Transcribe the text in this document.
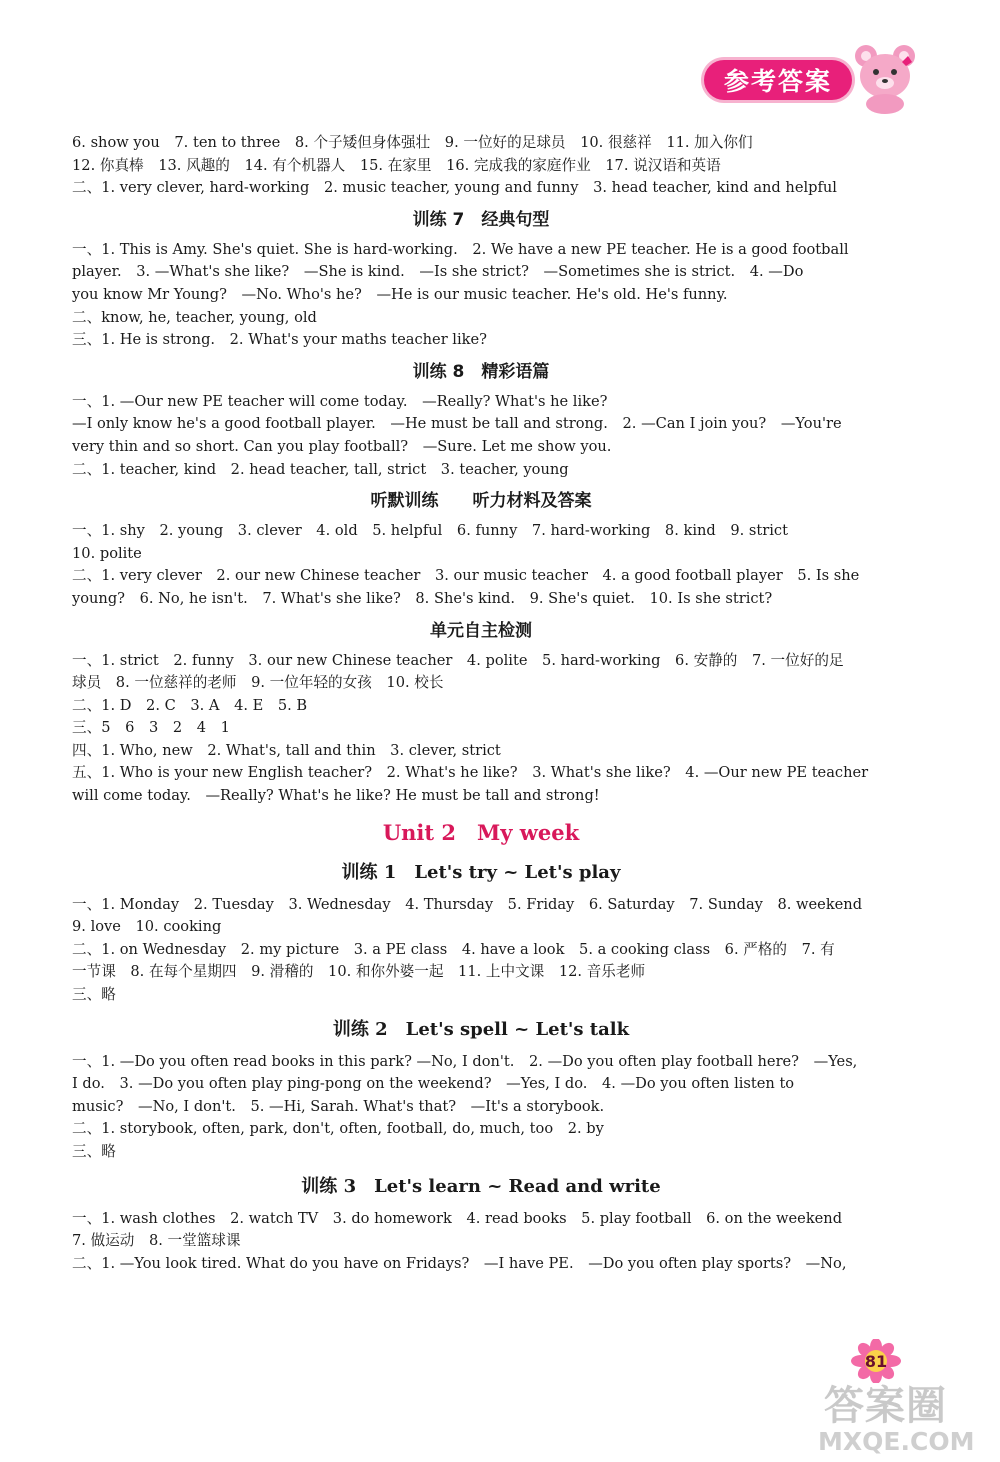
参考答案
6. show you　7. ten to three　8. 个子矮但身体强壮　9. 一位好的足球员　10. 很慈祥　11. 加入你们
12. 你真棒　13. 风趣的　14. 有个机器人　15. 在家里　16. 完成我的家庭作业　17. 说汉语和英语
二、1. very clever, hard-working　2. music teacher, young and funny　3. head teacher, kind and helpful
训练 7　经典句型
一、1. This is Amy. She's quiet. She is hard-working.　2. We have a new PE teacher. He is a good football
player.　3. —What's she like?　—She is kind.　—Is she strict?　—Sometimes she is strict.　4. —Do
you know Mr Young?　—No. Who's he?　—He is our music teacher. He's old. He's funny.
二、know, he, teacher, young, old
三、1. He is strong.　2. What's your maths teacher like?
训练 8　精彩语篇
一、1. —Our new PE teacher will come today.　—Really? What's he like?
—I only know he's a good football player.　—He must be tall and strong.　2. —Can I join you?　—You're
very thin and so short. Can you play football?　—Sure. Let me show you.
二、1. teacher, kind　2. head teacher, tall, strict　3. teacher, young
听默训练　　听力材料及答案
一、1. shy　2. young　3. clever　4. old　5. helpful　6. funny　7. hard-working　8. kind　9. strict
10. polite
二、1. very clever　2. our new Chinese teacher　3. our music teacher　4. a good football player　5. Is she
young?　6. No, he isn't.　7. What's she like?　8. She's kind.　9. She's quiet.　10. Is she strict?
单元自主检测
一、1. strict　2. funny　3. our new Chinese teacher　4. polite　5. hard-working　6. 安静的　7. 一位好的足
球员　8. 一位慈祥的老师　9. 一位年轻的女孩　10. 校长
二、1. D　2. C　3. A　4. E　5. B
三、5　6　3　2　4　1
四、1. Who, new　2. What's, tall and thin　3. clever, strict
五、1. Who is your new English teacher?　2. What's he like?　3. What's she like?　4. —Our new PE teacher
will come today.　—Really? What's he like? He must be tall and strong!
Unit 2　My week
训练 1　Let's try ~ Let's play
一、1. Monday　2. Tuesday　3. Wednesday　4. Thursday　5. Friday　6. Saturday　7. Sunday　8. weekend
9. love　10. cooking
二、1. on Wednesday　2. my picture　3. a PE class　4. have a look　5. a cooking class　6. 严格的　7. 有
一节课　8. 在每个星期四　9. 滑稽的　10. 和你外婆一起　11. 上中文课　12. 音乐老师
三、略
训练 2　Let's spell ~ Let's talk
一、1. —Do you often read books in this park? —No, I don't.　2. —Do you often play football here?　—Yes,
I do.　3. —Do you often play ping-pong on the weekend?　—Yes, I do.　4. —Do you often listen to
music?　—No, I don't.　5. —Hi, Sarah. What's that?　—It's a storybook.
二、1. storybook, often, park, don't, often, football, do, much, too　2. by
三、略
训练 3　Let's learn ~ Read and write
一、1. wash clothes　2. watch TV　3. do homework　4. read books　5. play football　6. on the weekend
7. 做运动　8. 一堂篮球课
二、1. —You look tired. What do you have on Fridays?　—I have PE.　—Do you often play sports?　—No,
81
答案圈
MXQE.COM
